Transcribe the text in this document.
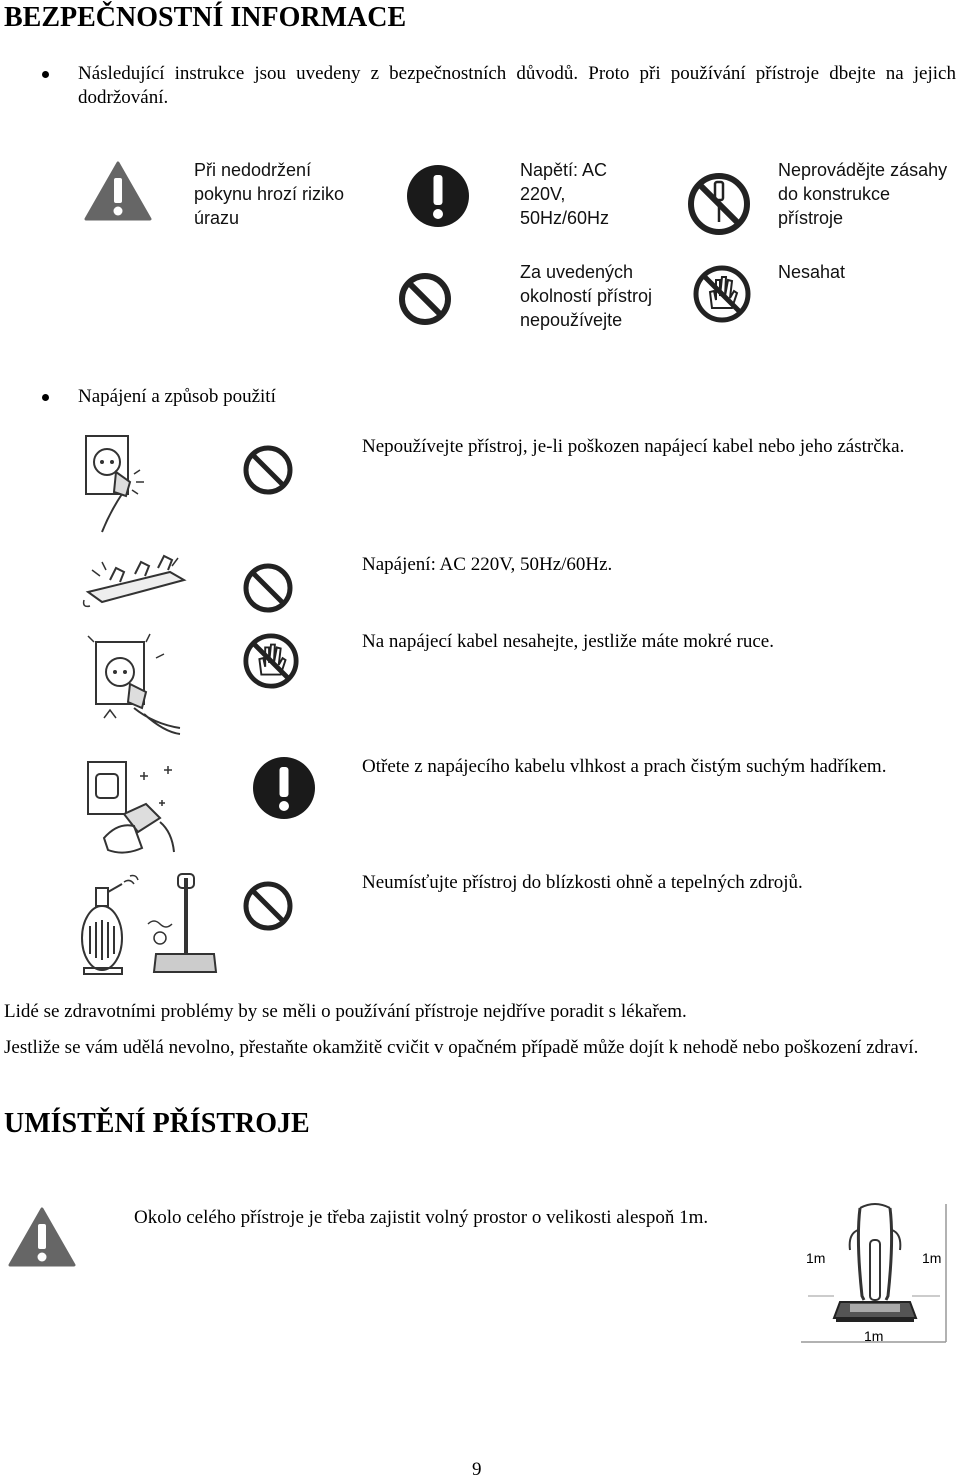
BEZPEČNOSTNÍ INFORMACE
Následující instrukce jsou uvedeny z bezpečnostních důvodů. Proto při používání přístroje dbejte na jejich dodržování.
Při nedodržení
pokynu hrozí riziko
úrazu
Napětí: AC
220V,
50Hz/60Hz
Neprovádějte zásahy
do konstrukce
přístroje
Za uvedených
okolností přístroj
nepoužívejte
Nesahat
Napájení a způsob použití
Nepoužívejte přístroj, je-li poškozen napájecí kabel nebo jeho zástrčka.
Napájení: AC 220V, 50Hz/60Hz.
Na napájecí kabel nesahejte, jestliže máte mokré ruce.
Otřete z napájecího kabelu vlhkost a prach čistým suchým hadříkem.
Neumísťujte přístroj do blízkosti ohně a tepelných zdrojů.
Lidé se zdravotními problémy by se měli o používání přístroje nejdříve poradit s lékařem.
Jestliže se vám udělá nevolno, přestaňte okamžitě cvičit v opačném případě může dojít k nehodě nebo poškození zdraví.
UMÍSTĚNÍ PŘÍSTROJE
Okolo celého přístroje je třeba zajistit volný prostor o velikosti alespoň 1m.
1m	1m
1m
9
